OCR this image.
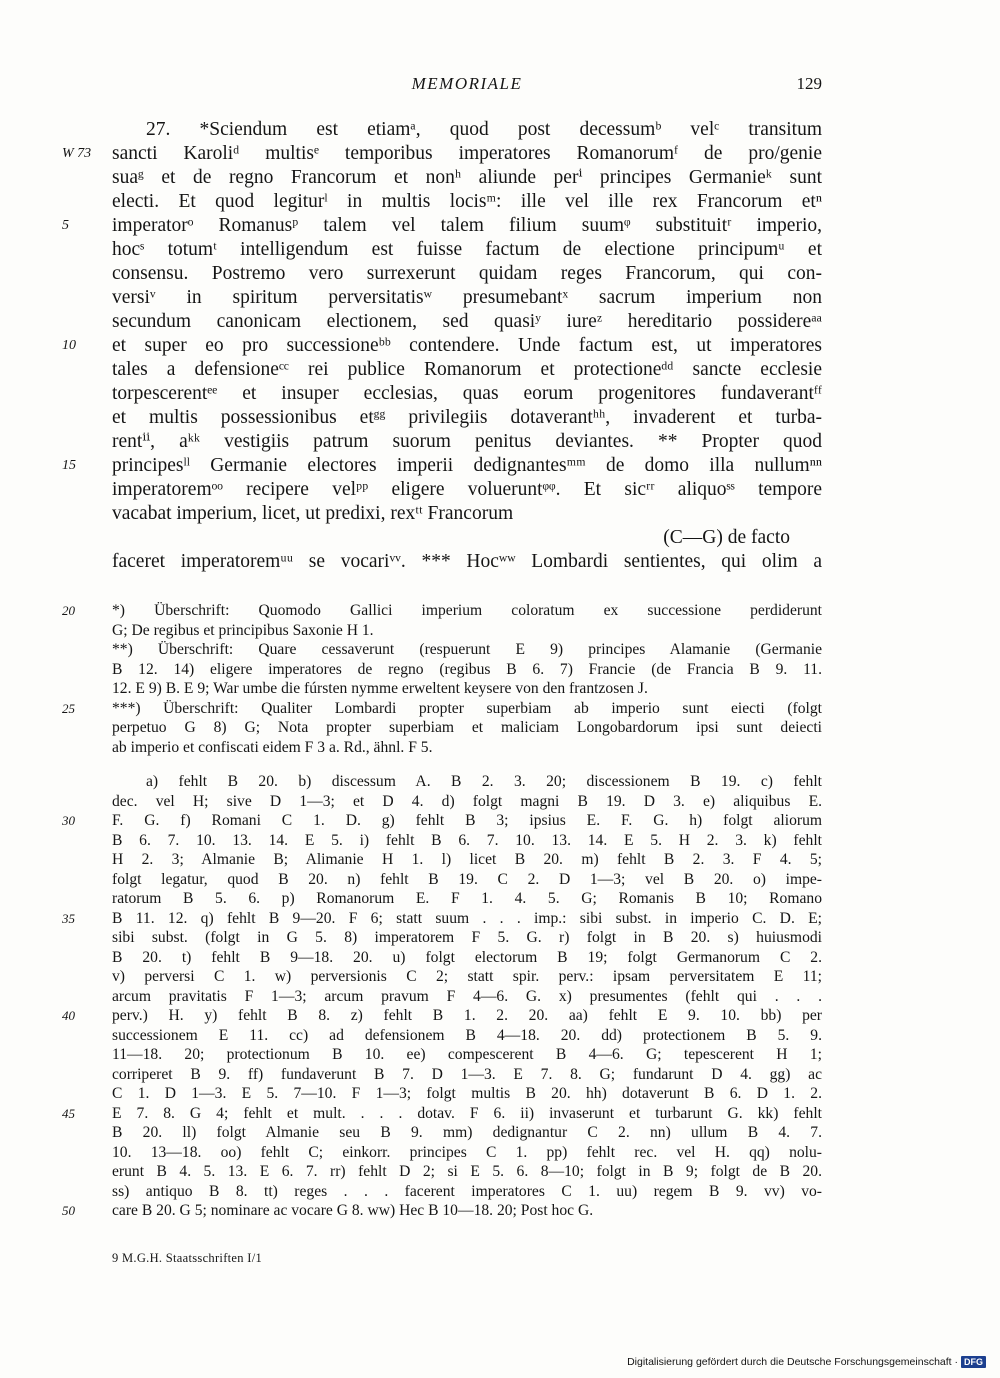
MEMORIALE	129
27. *Sciendum est etiamᵃ, quod post decessumᵇ velᶜ transitum
W 73	sancti Karoliᵈ multisᵉ temporibus imperatores Romanorumᶠ de pro/genie
suaᵍ et de regno Francorum et nonʰ aliunde perⁱ principes Germanieᵏ sunt
electi. Et quod legiturˡ in multis locisᵐ: ille vel ille rex Francorum etⁿ
5	imperatorᵒ Romanusᵖ talem vel talem filium suumᵠ substituitʳ imperio,
hocˢ totumᵗ intelligendum est fuisse factum de electione principumᵘ et
consensu. Postremo vero surrexerunt quidam reges Francorum, qui con-
versiᵛ in spiritum perversitatisʷ presumebantˣ sacrum imperium non
secundum canonicam electionem, sed quasiʸ iureᶻ hereditario possidereᵃᵃ
10	et super eo pro successioneᵇᵇ contendere. Unde factum est, ut imperatores
tales a defensioneᶜᶜ rei publice Romanorum et protectioneᵈᵈ sancte ecclesie
torpescerentᵉᵉ et insuper ecclesias, quas eorum progenitores fundaverantᶠᶠ
et multis possessionibus etᵍᵍ privilegiis dotaverantʰʰ, invaderent et turba-
rentⁱⁱ, aᵏᵏ vestigiis patrum suorum penitus deviantes. ** Propter quod
15	principesˡˡ Germanie electores imperii dedignantesᵐᵐ de domo illa nullumⁿⁿ
imperatoremᵒᵒ recipere velᵖᵖ eligere volueruntᵠᵠ. Et sicʳʳ aliquoˢˢ tempore
vacabat imperium, licet, ut predixi, rexᵗᵗ Francorum
(C—G) de facto
faceret imperatoremᵘᵘ se vocariᵛᵛ. *** Hocʷʷ Lombardi sentientes, qui olim a
20 *) Überschrift: Quomodo Gallici imperium coloratum ex successione perdiderunt
G; De regibus et principibus Saxonie H 1.
**) Überschrift: Quare cessaverunt (respuerunt E 9) principes Alamanie (Germanie
B 12. 14) eligere imperatores de regno (regibus B 6. 7) Francie (de Francia B 9. 11.
12. E 9) B. E 9; War umbe die fúrsten nymme erweltent keysere von den frantzosen J.
25 ***) Überschrift: Qualiter Lombardi propter superbiam ab imperio sunt eiecti (folgt
perpetuo G 8) G; Nota propter superbiam et maliciam Longobardorum ipsi sunt deiecti
ab imperio et confiscati eidem F 3 a. Rd., ähnl. F 5.
a) fehlt B 20. b) discessum A. B 2. 3. 20; discessionem B 19. c) fehlt
dec. vel H; sive D 1—3; et D 4. d) folgt magni B 19. D 3. e) aliquibus E.
30 F. G. f) Romani C 1. D. g) fehlt B 3; ipsius E. F. G. h) folgt aliorum
B 6. 7. 10. 13. 14. E 5. i) fehlt B 6. 7. 10. 13. 14. E 5. H 2. 3. k) fehlt
H 2. 3; Almanie B; Alimanie H 1. l) licet B 20. m) fehlt B 2. 3. F 4. 5;
folgt legatur, quod B 20. n) fehlt B 19. C 2. D 1—3; vel B 20. o) impe-
ratorum B 5. 6. p) Romanorum E. F 1. 4. 5. G; Romanis B 10; Romano
35 B 11. 12. q) fehlt B 9—20. F 6; statt suum . . . imp.: sibi subst. in imperio C. D. E;
sibi subst. (folgt in G 5. 8) imperatorem F 5. G. r) folgt in B 20. s) huiusmodi
B 20. t) fehlt B 9—18. 20. u) folgt electorum B 19; folgt Germanorum C 2.
v) perversi C 1. w) perversionis C 2; statt spir. perv.: ipsam perversitatem E 11;
arcum pravitatis F 1—3; arcum pravum F 4—6. G. x) presumentes (fehlt qui . . .
40 perv.) H. y) fehlt B 8. z) fehlt B 1. 2. 20. aa) fehlt E 9. 10. bb) per
successionem E 11. cc) ad defensionem B 4—18. 20. dd) protectionem B 5. 9.
11—18. 20; protectionum B 10. ee) compescerent B 4—6. G; tepescerent H 1;
corriperet B 9. ff) fundaverunt B 7. D 1—3. E 7. 8. G; fundarunt D 4. gg) ac
C 1. D 1—3. E 5. 7—10. F 1—3; folgt multis B 20. hh) dotaverunt B 6. D 1. 2.
45 E 7. 8. G 4; fehlt et mult. . . . dotav. F 6. ii) invaserunt et turbarunt G. kk) fehlt
B 20. ll) folgt Almanie seu B 9. mm) dedignantur C 2. nn) ullum B 4. 7.
10. 13—18. oo) fehlt C; einkorr. principes C 1. pp) fehlt rec. vel H. qq) nolu-
erunt B 4. 5. 13. E 6. 7. rr) fehlt D 2; si E 5. 6. 8—10; folgt in B 9; folgt de B 20.
ss) antiquo B 8. tt) reges . . . facerent imperatores C 1. uu) regem B 9. vv) vo-
50 care B 20. G 5; nominare ac vocare G 8. ww) Hec B 10—18. 20; Post hoc G.
9 M.G.H. Staatsschriften I/1
Digitalisierung gefördert durch die Deutsche Forschungsgemeinschaft · DFG
